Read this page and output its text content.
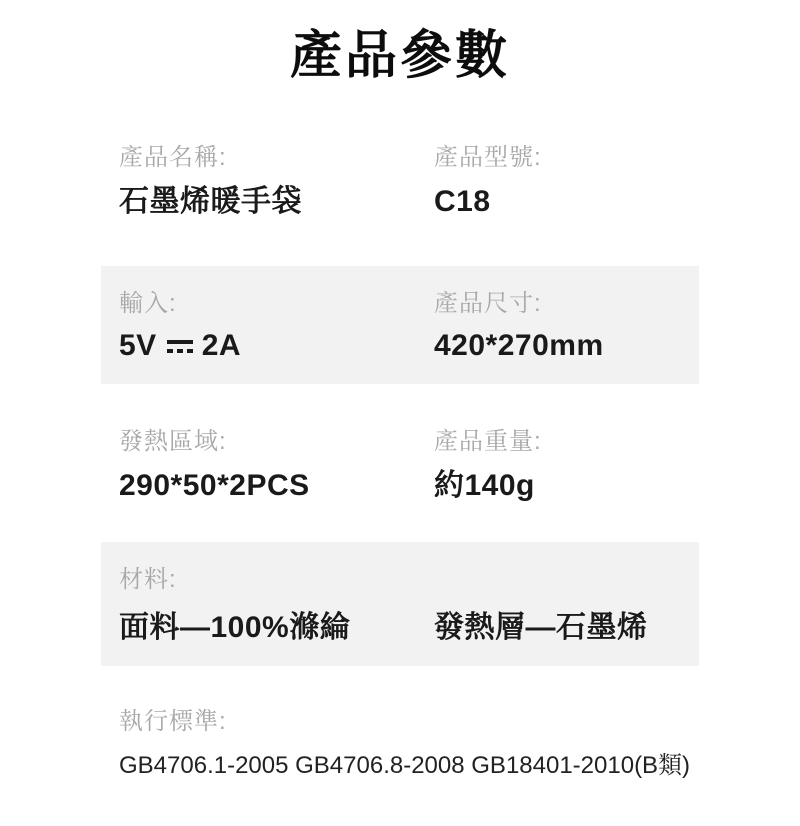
產品參數
產品名稱:
石墨烯暖手袋
產品型號:
C18
輸入:
5V 2A
產品尺寸:
420*270mm
發熱區域:
290*50*2PCS
產品重量:
約140g
材料:
面料—100%滌綸	發熱層—石墨烯
執行標準:
GB4706.1-2005 GB4706.8-2008 GB18401-2010(B類)
